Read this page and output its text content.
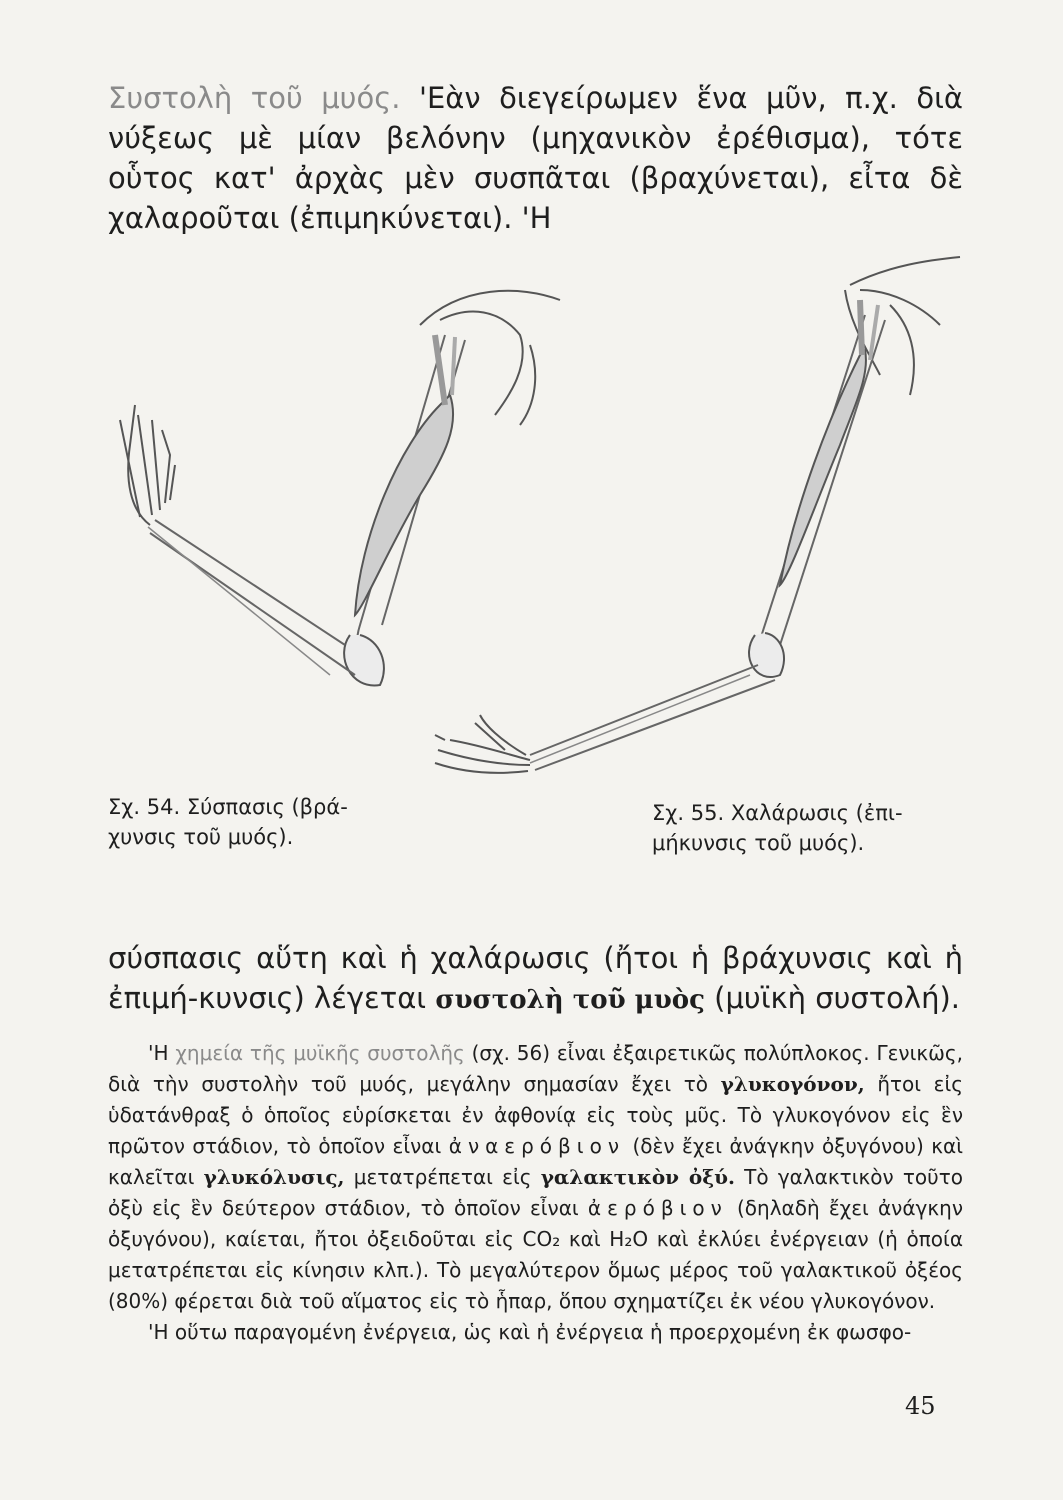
Συστολὴ τοῦ μυός. 'Εὰν διεγείρωμεν ἕνα μῦν, π.χ. διὰ νύξεως μὲ μίαν βελόνην (μηχανικὸν ἐρέθισμα), τότε οὗτος κατ' ἀρχὰς μὲν συσπᾶται (βραχύνεται), εἶτα δὲ χαλαροῦται (ἐπιμηκύνεται). 'Η

Σχ. 54. Σύσπασις (βρά-χυνσις τοῦ μυός).

Σχ. 55. Χαλάρωσις (ἐπι-μήκυνσις τοῦ μυός).

σύσπασις αὕτη καὶ ἡ χαλάρωσις (ἤτοι ἡ βράχυνσις καὶ ἡ ἐπιμή-κυνσις) λέγεται συστολὴ τοῦ μυὸς (μυϊκὴ συστολή).

'Η χημεία τῆς μυϊκῆς συστολῆς (σχ. 56) εἶναι ἐξαιρετικῶς πολύπλοκος. Γενικῶς, διὰ τὴν συστολὴν τοῦ μυός, μεγάλην σημασίαν ἔχει τὸ γλυκογόνον, ἤτοι εἰς ὑδατάνθραξ ὁ ὁποῖος εὑρίσκεται ἐν ἀφθονίᾳ εἰς τοὺς μῦς. Τὸ γλυκογόνον εἰς ἓν πρῶτον στάδιον, τὸ ὁποῖον εἶναι ἀναερόβιον (δὲν ἔχει ἀνάγκην ὀξυγόνου) καὶ καλεῖται γλυκόλυσις, μετατρέπεται εἰς γαλακτικὸν ὀξύ. Τὸ γαλακτικὸν τοῦτο ὀξὺ εἰς ἓν δεύτερον στάδιον, τὸ ὁποῖον εἶναι ἀερόβιον (δηλαδὴ ἔχει ἀνάγκην ὀξυγόνου), καίεται, ἤτοι ὀξειδοῦται εἰς CO₂ καὶ H₂O καὶ ἐκλύει ἐνέργειαν (ἡ ὁποία μετατρέπεται εἰς κίνησιν κλπ.). Τὸ μεγαλύτερον ὅμως μέρος τοῦ γαλακτικοῦ ὀξέος (80%) φέρεται διὰ τοῦ αἵματος εἰς τὸ ἧπαρ, ὅπου σχηματίζει ἐκ νέου γλυκογόνον.

'Η οὕτω παραγομένη ἐνέργεια, ὡς καὶ ἡ ἐνέργεια ἡ προερχομένη ἐκ φωσφο-

45
